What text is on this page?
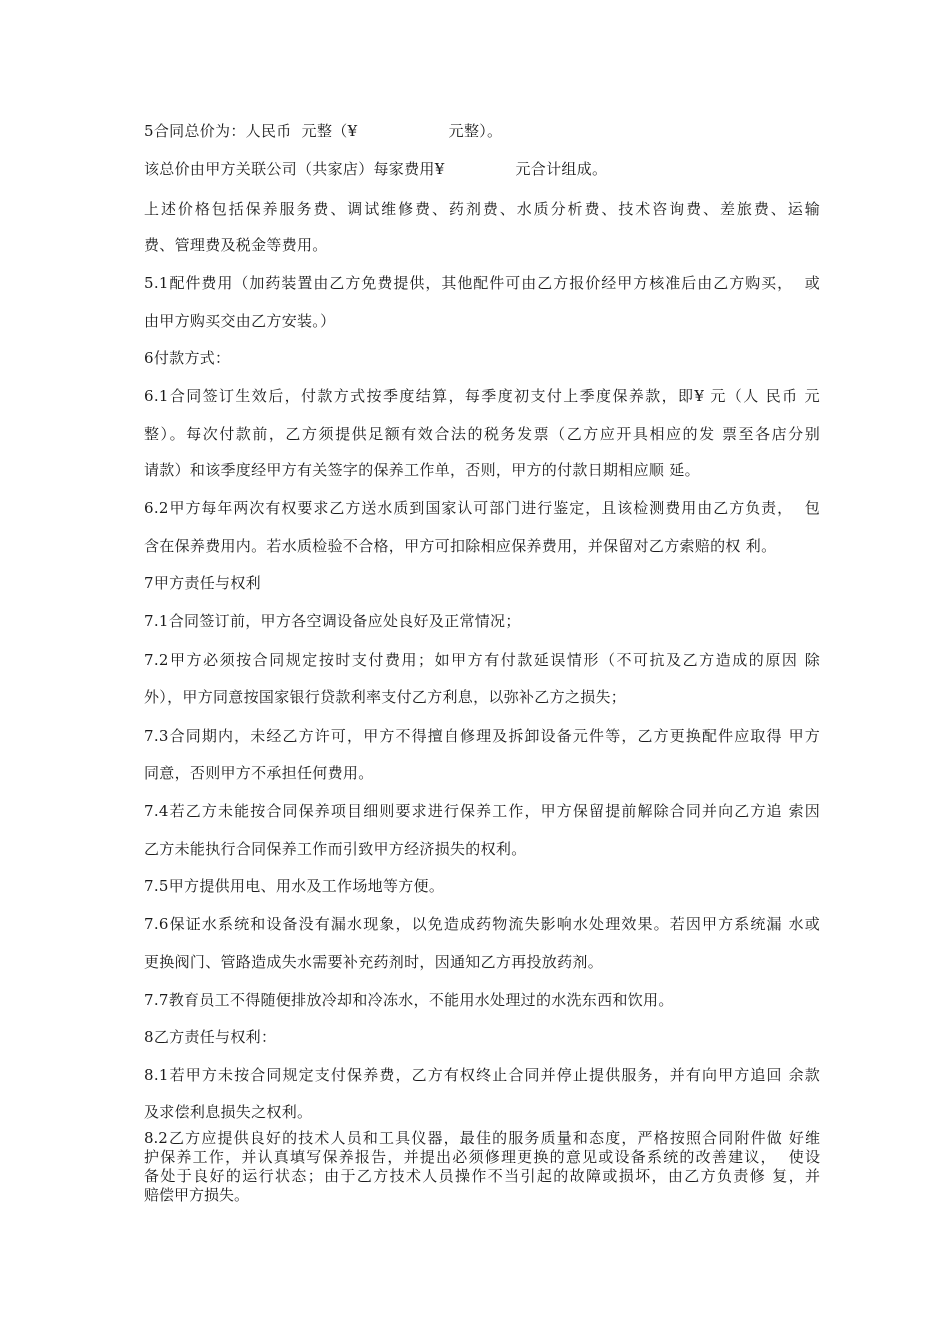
5合同总价为：人民币  元整（¥                  元整）。
该总价由甲方关联公司（共家店）每家费用¥              元合计组成。
上述价格包括保养服务费、调试维修费、药剂费、水质分析费、技术咨询费、差旅费、运输
费、管理费及税金等费用。
5.1配件费用（加药装置由乙方免费提供，其他配件可由乙方报价经甲方核准后由乙方购买，  或
由甲方购买交由乙方安装。）
6付款方式：
6.1合同签订生效后，付款方式按季度结算，每季度初支付上季度保养款，即¥ 元（人 民币 元
整）。每次付款前，乙方须提供足额有效合法的税务发票（乙方应开具相应的发 票至各店分别
请款）和该季度经甲方有关签字的保养工作单，否则，甲方的付款日期相应顺 延。
6.2甲方每年两次有权要求乙方送水质到国家认可部门进行鉴定，且该检测费用由乙方负责，  包
含在保养费用内。若水质检验不合格，甲方可扣除相应保养费用，并保留对乙方索赔的权 利。
7甲方责任与权利
7.1合同签订前，甲方各空调设备应处良好及正常情况；
7.2甲方必须按合同规定按时支付费用；如甲方有付款延误情形（不可抗及乙方造成的原因 除
外），甲方同意按国家银行贷款利率支付乙方利息，以弥补乙方之损失；
7.3合同期内，未经乙方许可，甲方不得擅自修理及拆卸设备元件等，乙方更换配件应取得 甲方
同意，否则甲方不承担任何费用。
7.4若乙方未能按合同保养项目细则要求进行保养工作，甲方保留提前解除合同并向乙方追 索因
乙方未能执行合同保养工作而引致甲方经济损失的权利。
7.5甲方提供用电、用水及工作场地等方便。
7.6保证水系统和设备没有漏水现象，以免造成药物流失影响水处理效果。若因甲方系统漏 水或
更换阀门、管路造成失水需要补充药剂时，因通知乙方再投放药剂。
7.7教育员工不得随便排放冷却和冷冻水，不能用水处理过的水洗东西和饮用。
8乙方责任与权利：
8.1若甲方未按合同规定支付保养费，乙方有权终止合同并停止提供服务，并有向甲方追回 余款
及求偿利息损失之权利。
8.2乙方应提供良好的技术人员和工具仪器，最佳的服务质量和态度，严格按照合同附件做 好维
护保养工作，并认真填写保养报告，并提出必须修理更换的意见或设备系统的改善建议，  使设
备处于良好的运行状态；由于乙方技术人员操作不当引起的故障或损坏，由乙方负责修 复，并
赔偿甲方损失。
